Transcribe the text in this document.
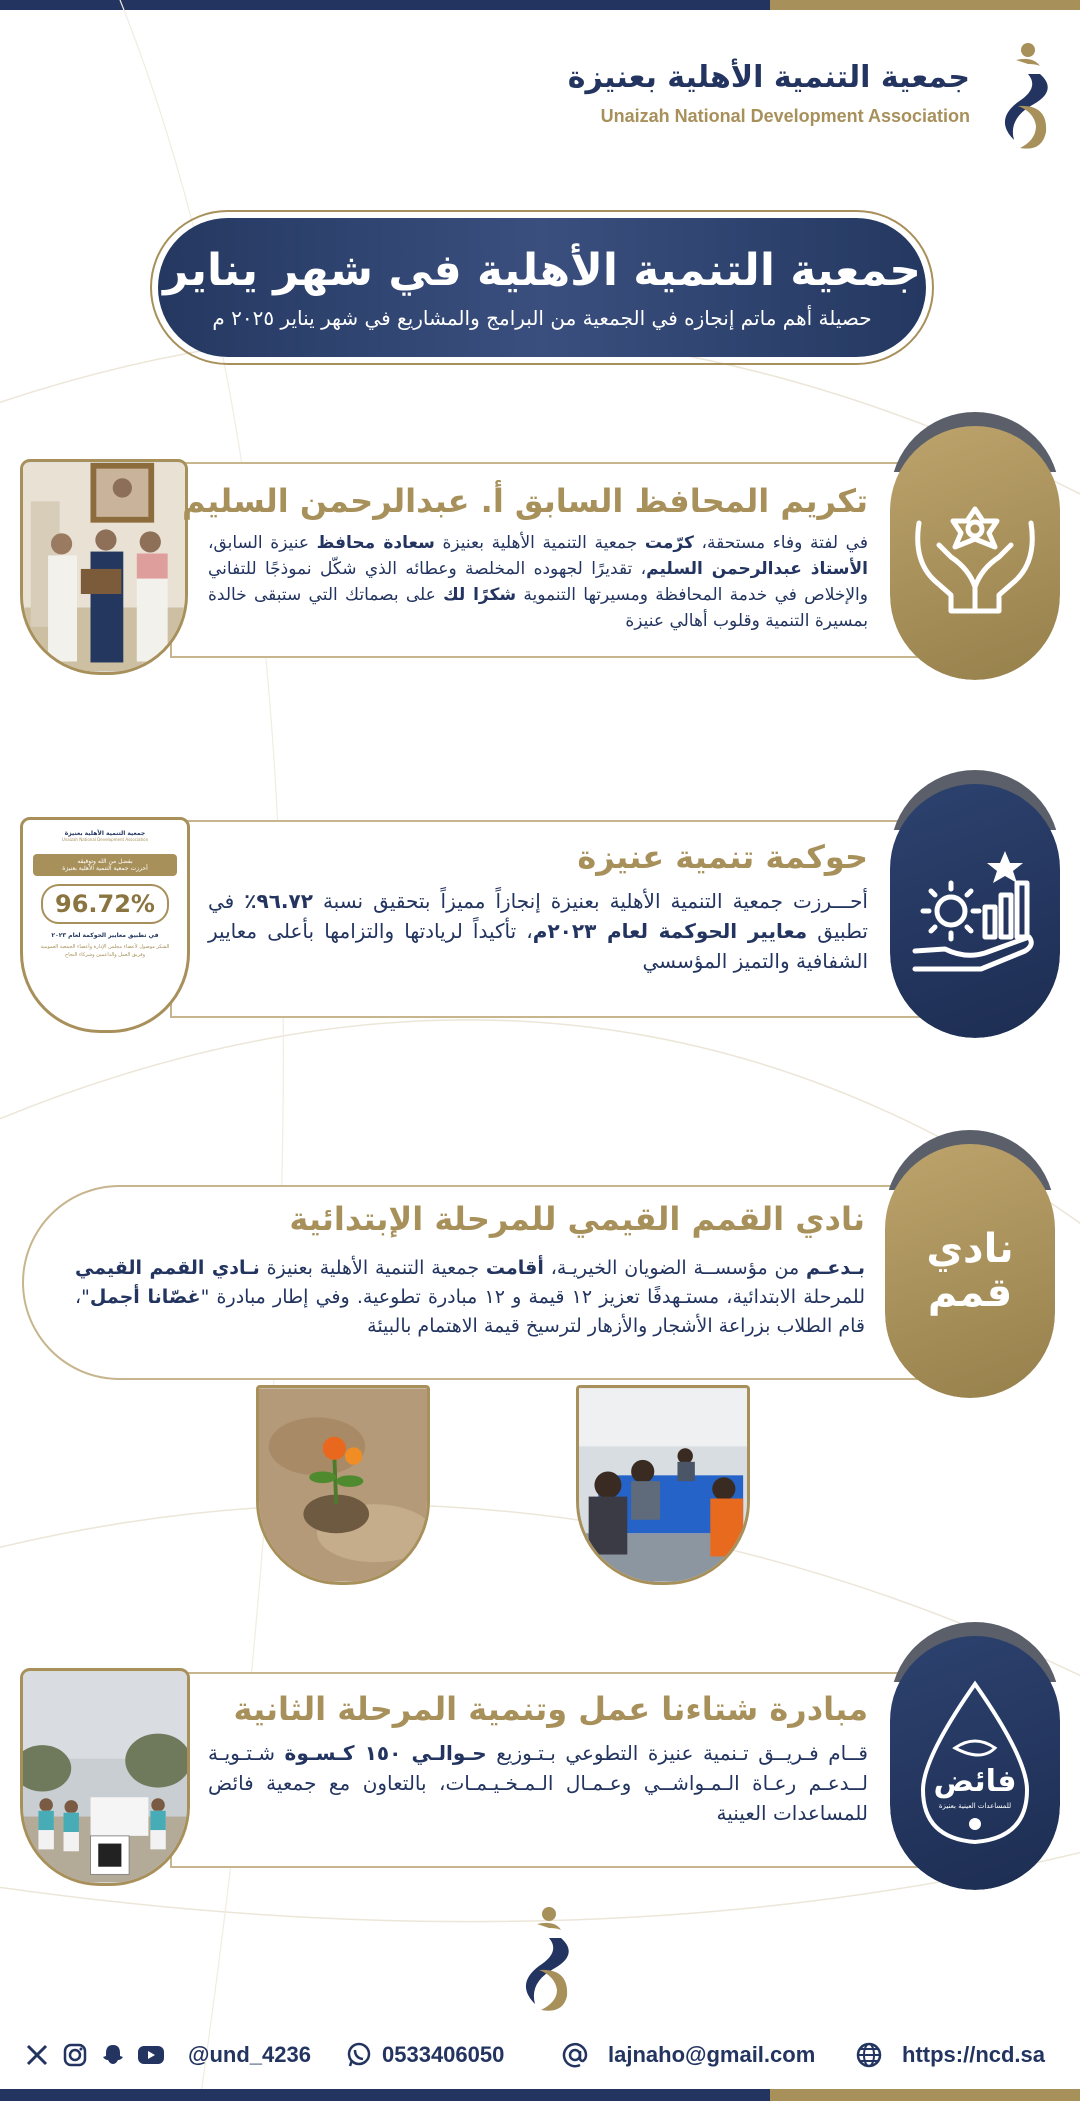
جمعية التنمية الأهلية بعنيزة
Unaizah National Development Association
جمعية التنمية الأهلية في شهر يناير
حصيلة أهم ماتم إنجازه في الجمعية من البرامج والمشاريع في شهر يناير ٢٠٢٥ م
تكريم المحافظ السابق أ. عبدالرحمن السليم
في لفتة وفاء مستحقة، كرّمت جمعية التنمية الأهلية بعنيزة سعادة محافظ عنيزة السابق، الأستاذ عبدالرحمن السليم، تقديرًا لجهوده المخلصة وعطائه الذي شكّل نموذجًا للتفاني والإخلاص في خدمة المحافظة ومسيرتها التنموية شكرًا لك على بصماتك التي ستبقى خالدة بمسيرة التنمية وقلوب أهالي عنيزة
جمعية التنمية الأهلية بعنيزة
Unaizah National Development Association
بفضل من الله وتوفيقه
أحرزت جمعية التنمية الأهلية بعنيزة
96.72%
في تطبيق معايير الحوكمة لعام ٢٠٢٣
الشكر موصول لأعضاء مجلس الإدارة وأعضاء الجمعية العمومية وفريق العمل والداعمين وشركاء النجاح
حوكمة تنمية عنيزة
أحـــرزت جمعية التنمية الأهلية بعنيزة إنجازاً مميزاً بتحقيق نسبة ٩٦.٧٢٪ في تطبيق معايير الحوكمة لعام ٢٠٢٣م، تأكيداً لريادتها والتزامها بأعلى معايير الشفافية والتميز المؤسسي
نادي القمم القيمي للمرحلة الإبتدائية
بـدعـم من مؤسســة الضويان الخيريـة، أقامت جمعية التنمية الأهلية بعنيزة نـادي القمم القيمي للمرحلة الابتدائية، مستـهدفًا تعزيز ١٢ قيمة و ١٢ مبادرة تطوعية. وفي إطار مبادرة "غصّانا أجمل"، قام الطلاب بزراعة الأشجار والأزهار لترسيخ قيمة الاهتمام بالبيئة
نادي
قمم
مبادرة شتاءنا عمل وتنمية المرحلة الثانية
قــام فـريــق تـنمية عنيزة التطوعي بـتـوزيع حـوالـي ١٥٠ كـسـوة شـتـويـة لــدعـم رعـاة الـمـواشــي وعـمـال الـمـخـيـمـات، بالتعاون مع جمعية فائض للمساعدات العينية
فائض
للمساعدات العينية بعنيزة
@und_4236	0533406050	lajnaho@gmail.com	https://ncd.sa
